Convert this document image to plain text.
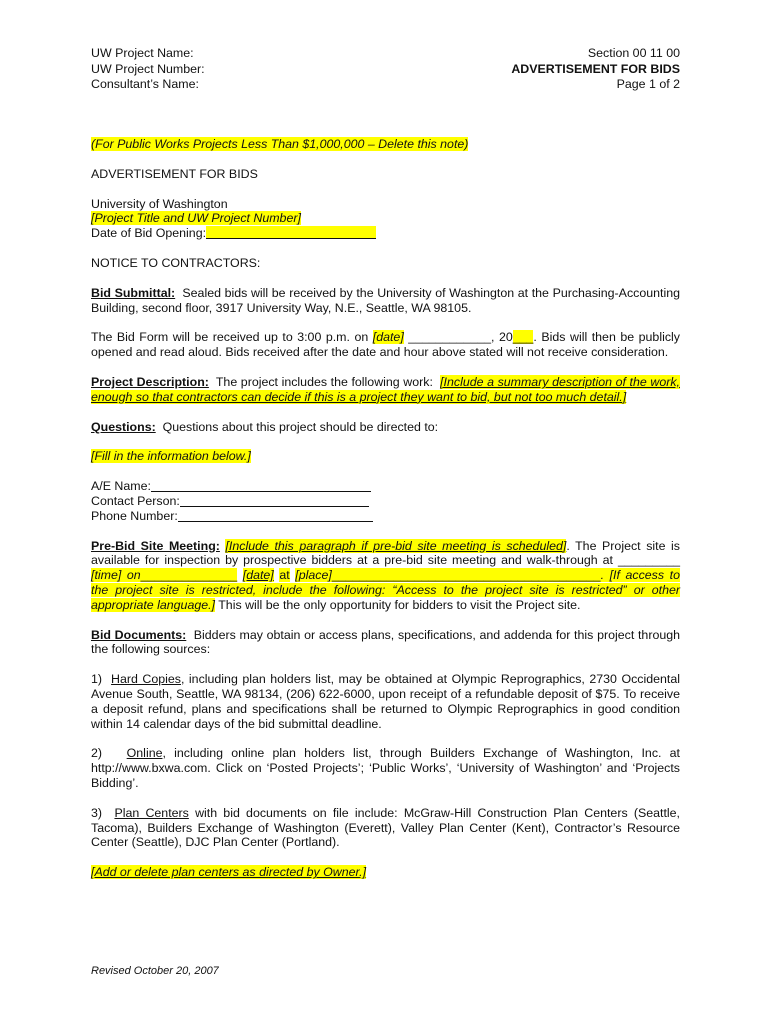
UW Project Name:
UW Project Number:
Consultant’s Name:
Section 00 11 00
ADVERTISEMENT FOR BIDS
Page 1 of 2

(For Public Works Projects Less Than $1,000,000 – Delete this note)

ADVERTISEMENT FOR BIDS

University of Washington

[Project Title and UW Project Number]

Date of Bid Opening:

NOTICE TO CONTRACTORS:

Bid Submittal: Sealed bids will be received by the University of Washington at the Purchasing-Accounting Building, second floor, 3917 University Way, N.E., Seattle, WA 98105.

The Bid Form will be received up to 3:00 p.m. on [date] ____________, 20___. Bids will then be publicly opened and read aloud. Bids received after the date and hour above stated will not receive consideration.

Project Description: The project includes the following work: [Include a summary description of the work, enough so that contractors can decide if this is a project they want to bid, but not too much detail.]

Questions: Questions about this project should be directed to:

[Fill in the information below.]

A/E Name:

Contact Person:

Phone Number:

Pre-Bid Site Meeting: [Include this paragraph if pre-bid site meeting is scheduled]. The Project site is available for inspection by prospective bidders at a pre-bid site meeting and walk-through at _________ [time] on______________ [date] at [place]_______________________________________. [If access to the project site is restricted, include the following: “Access to the project site is restricted” or other appropriate language.] This will be the only opportunity for bidders to visit the Project site.

Bid Documents: Bidders may obtain or access plans, specifications, and addenda for this project through the following sources:

1) Hard Copies, including plan holders list, may be obtained at Olympic Reprographics, 2730 Occidental Avenue South, Seattle, WA 98134, (206) 622-6000, upon receipt of a refundable deposit of $75. To receive a deposit refund, plans and specifications shall be returned to Olympic Reprographics in good condition within 14 calendar days of the bid submittal deadline.

2) Online, including online plan holders list, through Builders Exchange of Washington, Inc. at http://www.bxwa.com. Click on ‘Posted Projects’; ‘Public Works’, ‘University of Washington’ and ‘Projects Bidding’.

3) Plan Centers with bid documents on file include: McGraw-Hill Construction Plan Centers (Seattle, Tacoma), Builders Exchange of Washington (Everett), Valley Plan Center (Kent), Contractor’s Resource Center (Seattle), DJC Plan Center (Portland).

[Add or delete plan centers as directed by Owner.]

Revised October 20, 2007
